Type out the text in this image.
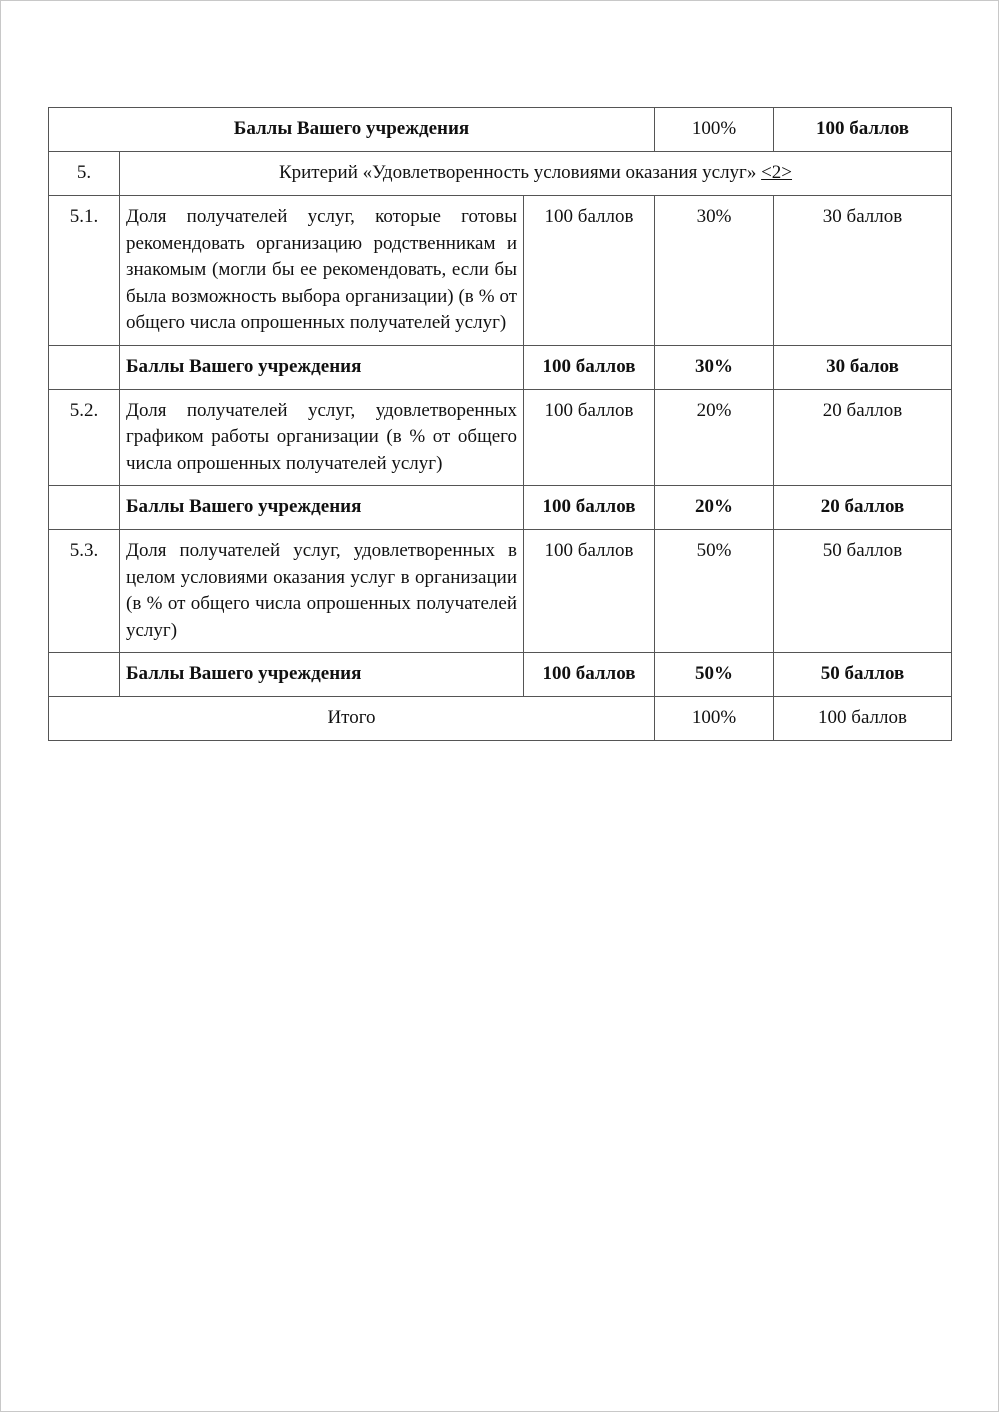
Баллы Вашего учреждения			100%	100 баллов
5.	Критерий «Удовлетворенность условиями оказания услуг» <2>			
5.1.	Доля получателей услуг, которые готовы рекомендовать организацию родственникам и знакомым (могли бы ее рекомендовать, если бы была возможность выбора организации) (в % от общего числа опрошенных получателей услуг)	100 баллов	30%	30 баллов
	Баллы Вашего учреждения	100 баллов	30%	30 балов
5.2.	Доля получателей услуг, удовлетворенных графиком работы организации (в % от общего числа опрошенных получателей услуг)	100 баллов	20%	20 баллов
	Баллы Вашего учреждения	100 баллов	20%	20 баллов
5.3.	Доля получателей услуг, удовлетворенных в целом условиями оказания услуг в организации (в % от общего числа опрошенных получателей услуг)	100 баллов	50%	50 баллов
	Баллы Вашего учреждения	100 баллов	50%	50 баллов
Итого			100%	100 баллов
